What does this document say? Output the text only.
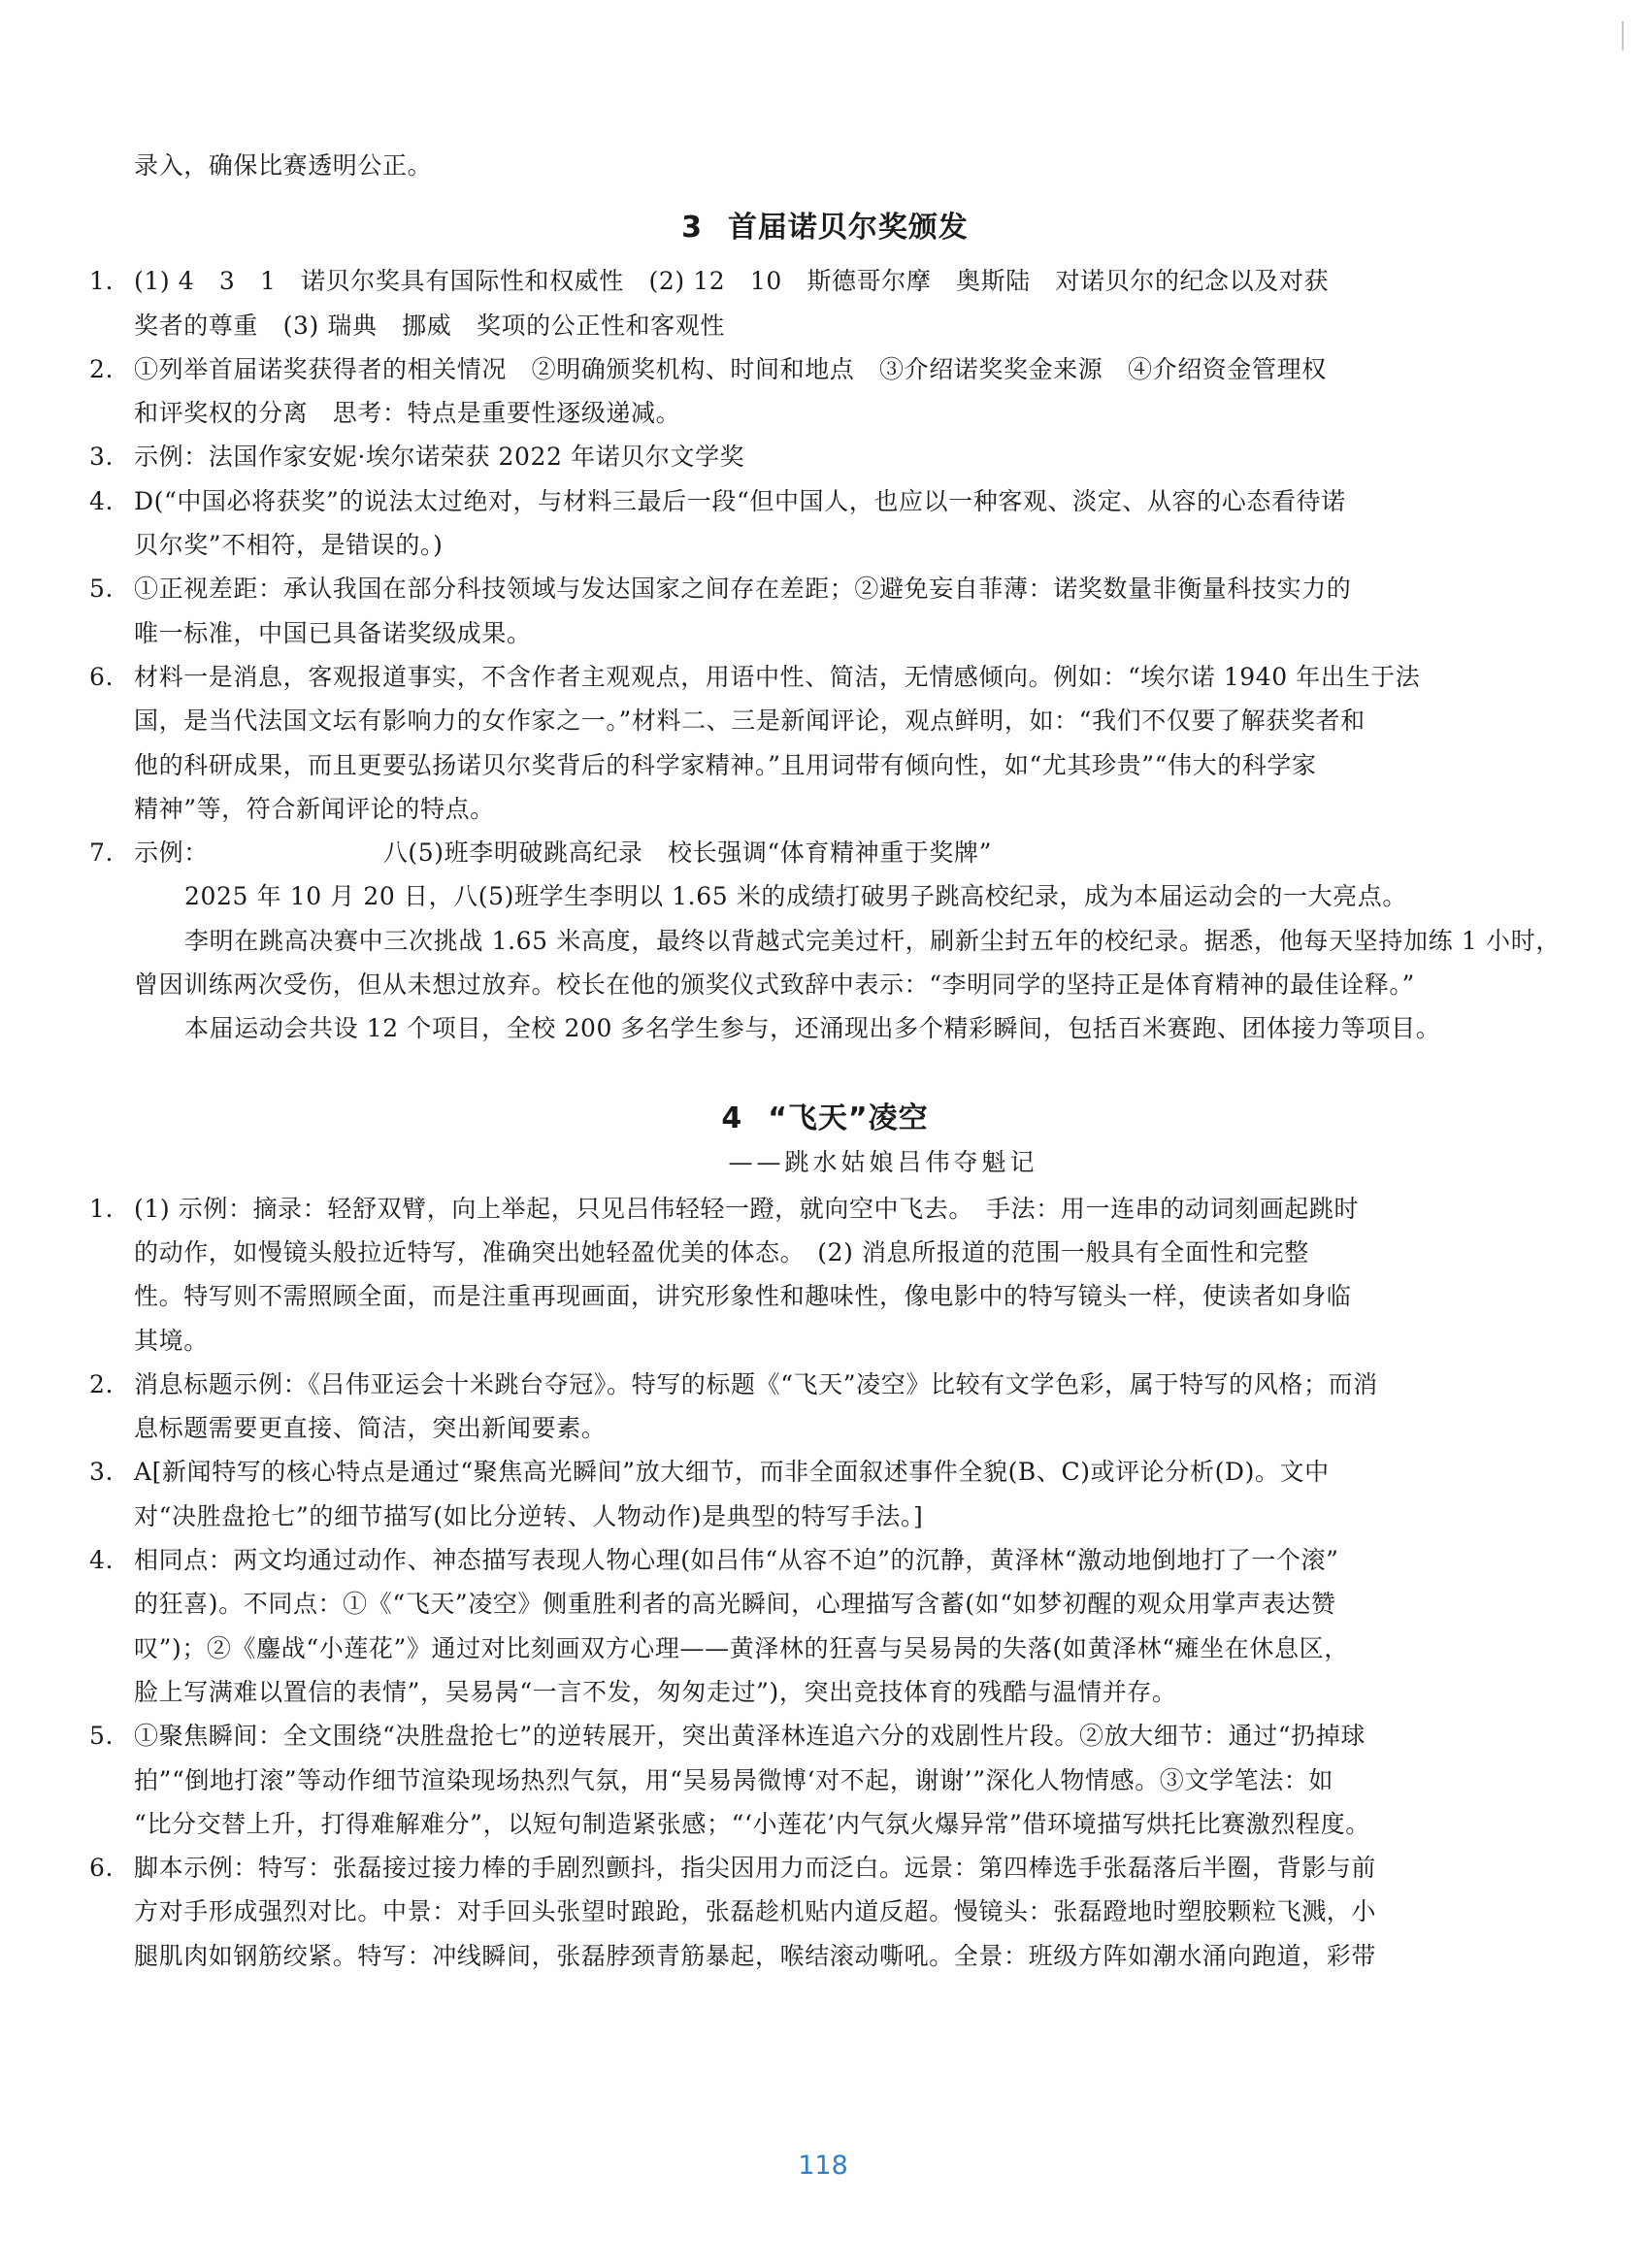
录入，确保比赛透明公正。

3 首届诺贝尔奖颁发
1. (1) 4　3　1　诺贝尔奖具有国际性和权威性　(2) 12　10　斯德哥尔摩　奥斯陆　对诺贝尔的纪念以及对获
奖者的尊重　(3) 瑞典　挪威　奖项的公正性和客观性
2. ①列举首届诺奖获得者的相关情况　②明确颁奖机构、时间和地点　③介绍诺奖奖金来源　④介绍资金管理权
和评奖权的分离　思考：特点是重要性逐级递减。
3. 示例：法国作家安妮·埃尔诺荣获 2022 年诺贝尔文学奖
4. D(“中国必将获奖”的说法太过绝对，与材料三最后一段“但中国人，也应以一种客观、淡定、从容的心态看待诺
贝尔奖”不相符，是错误的。)
5. ①正视差距：承认我国在部分科技领域与发达国家之间存在差距；②避免妄自菲薄：诺奖数量非衡量科技实力的
唯一标准，中国已具备诺奖级成果。
6. 材料一是消息，客观报道事实，不含作者主观观点，用语中性、简洁，无情感倾向。例如：“埃尔诺 1940 年出生于法
国，是当代法国文坛有影响力的女作家之一。”材料二、三是新闻评论，观点鲜明，如：“我们不仅要了解获奖者和
他的科研成果，而且更要弘扬诺贝尔奖背后的科学家精神。”且用词带有倾向性，如“尤其珍贵”“伟大的科学家
精神”等，符合新闻评论的特点。
7. 示例：	八(5)班李明破跳高纪录　校长强调“体育精神重于奖牌”

2025 年 10 月 20 日，八(5)班学生李明以 1.65 米的成绩打破男子跳高校纪录，成为本届运动会的一大亮点。

李明在跳高决赛中三次挑战 1.65 米高度，最终以背越式完美过杆，刷新尘封五年的校纪录。据悉，他每天坚持加练 1 小时，曾因训练两次受伤，但从未想过放弃。校长在他的颁奖仪式致辞中表示：“李明同学的坚持正是体育精神的最佳诠释。”

本届运动会共设 12 个项目，全校 200 多名学生参与，还涌现出多个精彩瞬间，包括百米赛跑、团体接力等项目。

4 “飞天”凌空
——跳水姑娘吕伟夺魁记
1. (1) 示例：摘录：轻舒双臂，向上举起，只见吕伟轻轻一蹬，就向空中飞去。　手法：用一连串的动词刻画起跳时
的动作，如慢镜头般拉近特写，准确突出她轻盈优美的体态。　(2) 消息所报道的范围一般具有全面性和完整
性。特写则不需照顾全面，而是注重再现画面，讲究形象性和趣味性，像电影中的特写镜头一样，使读者如身临
其境。
2. 消息标题示例：《吕伟亚运会十米跳台夺冠》。特写的标题《“飞天”凌空》比较有文学色彩，属于特写的风格；而消
息标题需要更直接、简洁，突出新闻要素。
3. A[新闻特写的核心特点是通过“聚焦高光瞬间”放大细节，而非全面叙述事件全貌(B、C)或评论分析(D)。文中
对“决胜盘抢七”的细节描写(如比分逆转、人物动作)是典型的特写手法。]
4. 相同点：两文均通过动作、神态描写表现人物心理(如吕伟“从容不迫”的沉静，黄泽林“激动地倒地打了一个滚”
的狂喜)。不同点：①《“飞天”凌空》侧重胜利者的高光瞬间，心理描写含蓄(如“如梦初醒的观众用掌声表达赞
叹”)；②《鏖战“小莲花”》通过对比刻画双方心理——黄泽林的狂喜与吴易昺的失落(如黄泽林“瘫坐在休息区，
脸上写满难以置信的表情”，吴易昺“一言不发，匆匆走过”)，突出竞技体育的残酷与温情并存。
5. ①聚焦瞬间：全文围绕“决胜盘抢七”的逆转展开，突出黄泽林连追六分的戏剧性片段。②放大细节：通过“扔掉球
拍”“倒地打滚”等动作细节渲染现场热烈气氛，用“吴易昺微博‘对不起，谢谢’”深化人物情感。③文学笔法：如
“比分交替上升，打得难解难分”，以短句制造紧张感；“‘小莲花’内气氛火爆异常”借环境描写烘托比赛激烈程度。
6. 脚本示例：特写：张磊接过接力棒的手剧烈颤抖，指尖因用力而泛白。远景：第四棒选手张磊落后半圈，背影与前
方对手形成强烈对比。中景：对手回头张望时踉跄，张磊趁机贴内道反超。慢镜头：张磊蹬地时塑胶颗粒飞溅，小
腿肌肉如钢筋绞紧。特写：冲线瞬间，张磊脖颈青筋暴起，喉结滚动嘶吼。全景：班级方阵如潮水涌向跑道，彩带
118
